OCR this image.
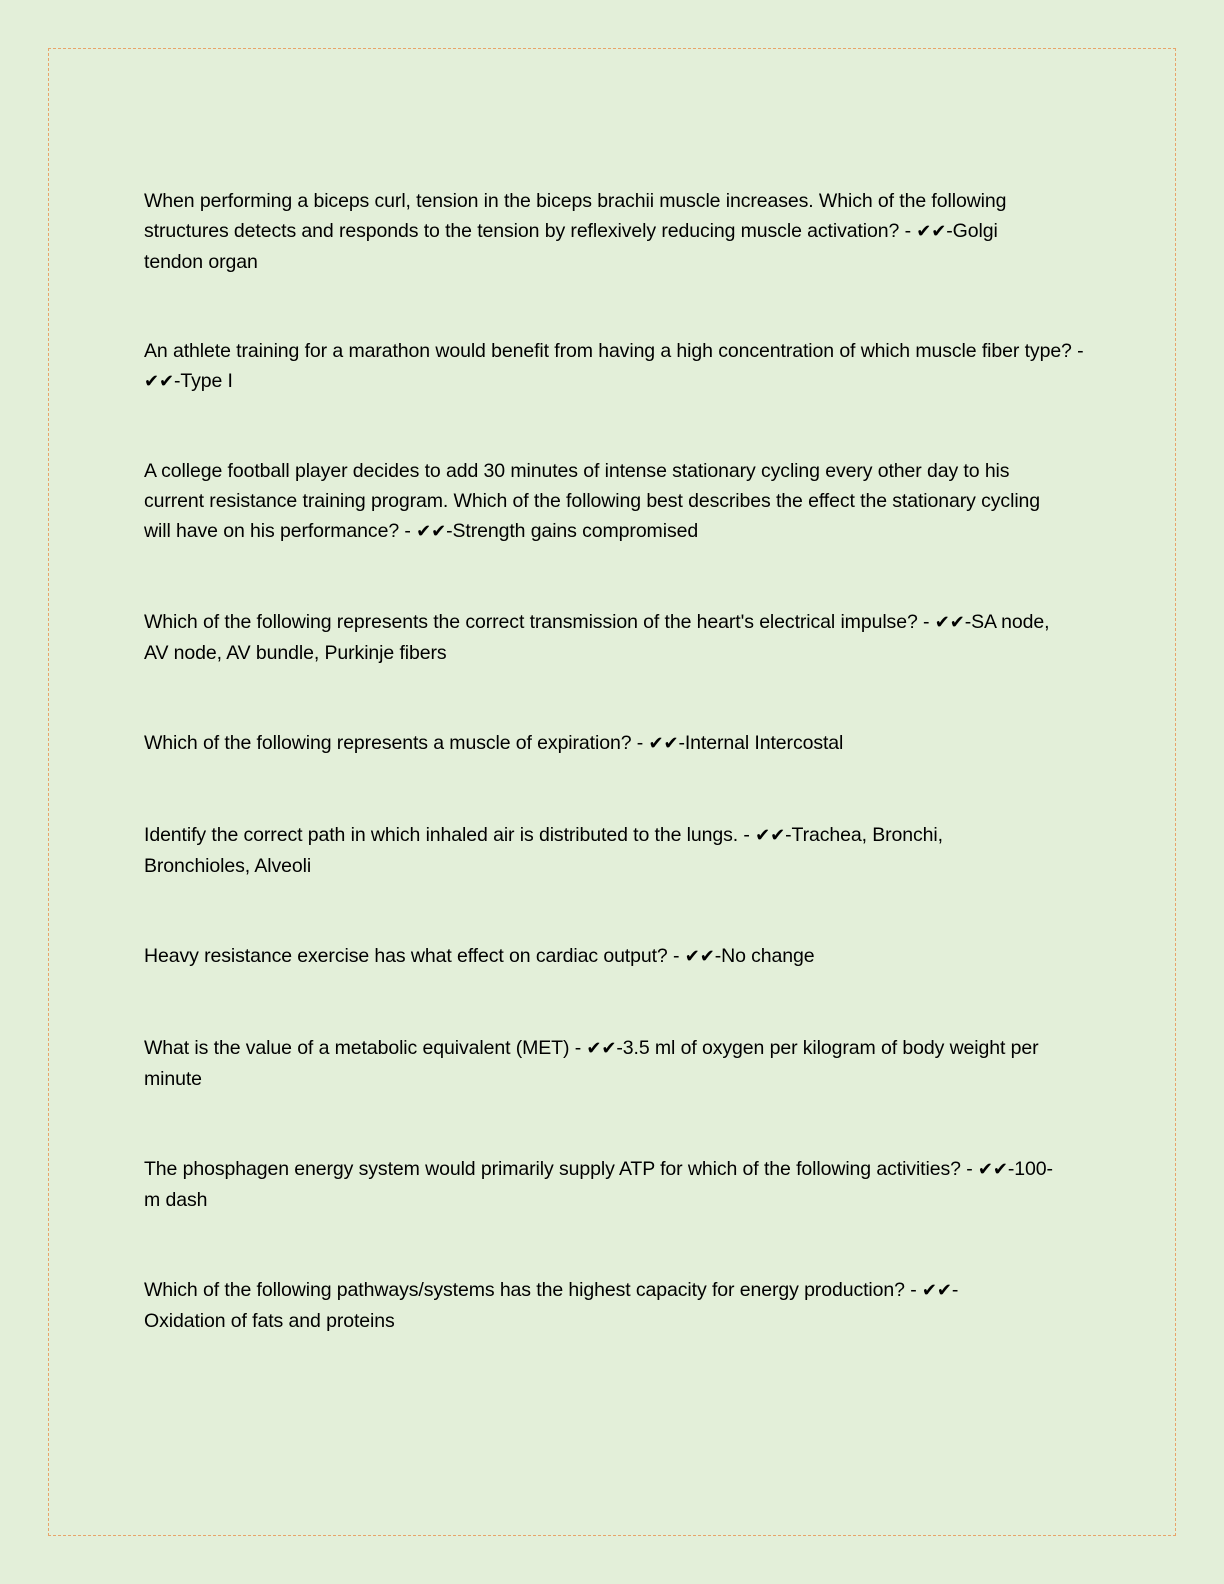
When performing a biceps curl, tension in the biceps brachii muscle increases. Which of the following structures detects and responds to the tension by reflexively reducing muscle activation? - ✔✔-Golgi tendon organ

An athlete training for a marathon would benefit from having a high concentration of which muscle fiber type? - ✔✔-Type I

A college football player decides to add 30 minutes of intense stationary cycling every other day to his current resistance training program. Which of the following best describes the effect the stationary cycling will have on his performance? - ✔✔-Strength gains compromised

Which of the following represents the correct transmission of the heart's electrical impulse? - ✔✔-SA node, AV node, AV bundle, Purkinje fibers

Which of the following represents a muscle of expiration? - ✔✔-Internal Intercostal

Identify the correct path in which inhaled air is distributed to the lungs. - ✔✔-Trachea, Bronchi, Bronchioles, Alveoli

Heavy resistance exercise has what effect on cardiac output? - ✔✔-No change

What is the value of a metabolic equivalent (MET) - ✔✔-3.5 ml of oxygen per kilogram of body weight per minute

The phosphagen energy system would primarily supply ATP for which of the following activities? - ✔✔-100-m dash

Which of the following pathways/systems has the highest capacity for energy production? - ✔✔-Oxidation of fats and proteins
